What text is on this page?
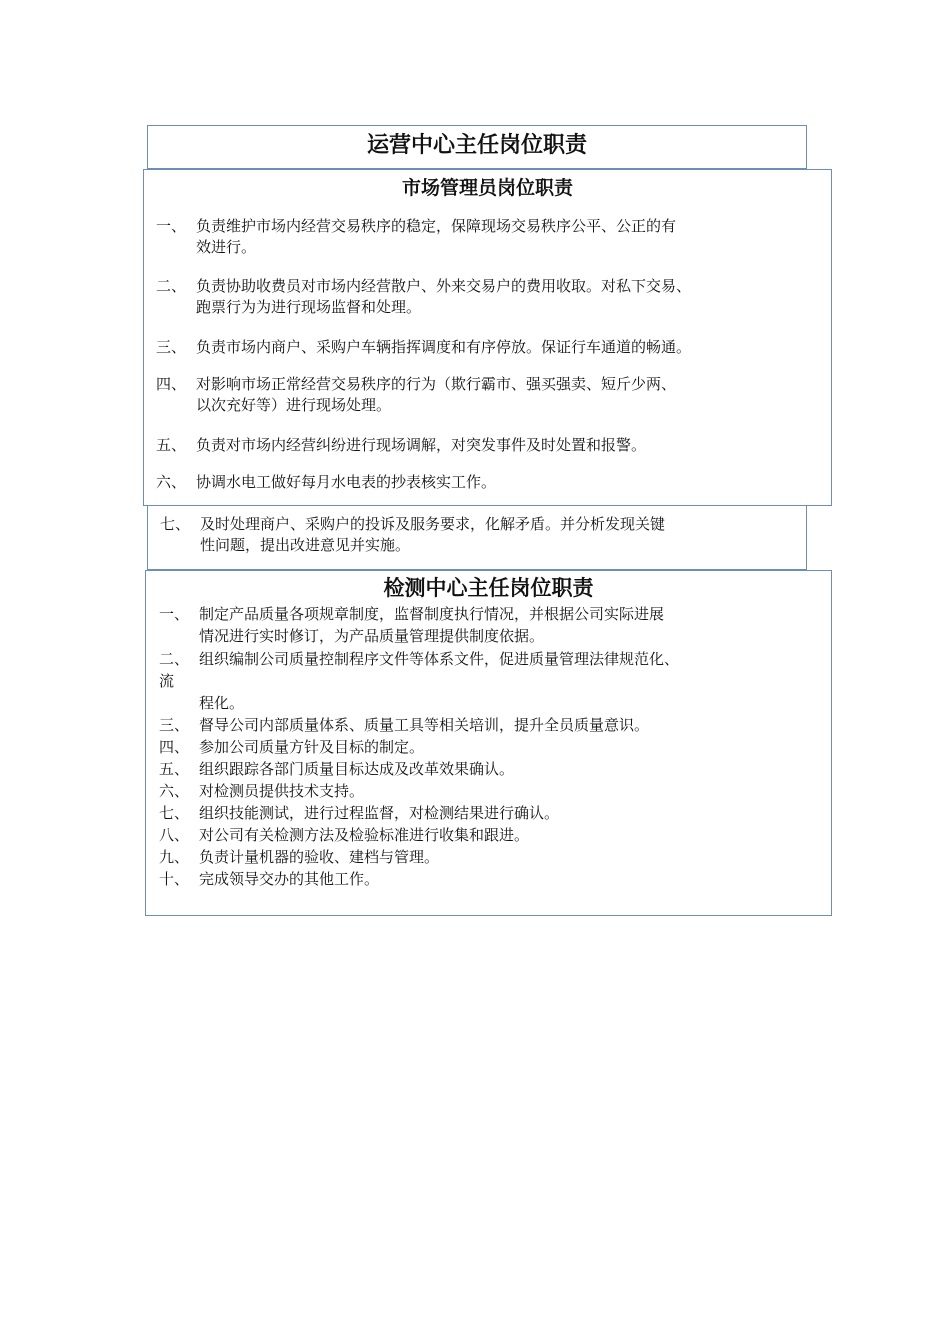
运营中心主任岗位职责
市场管理员岗位职责
一、 负责维护市场内经营交易秩序的稳定，保障现场交易秩序公平、公正的有
效进行。
二、 负责协助收费员对市场内经营散户、外来交易户的费用收取。对私下交易、
跑票行为为进行现场监督和处理。
三、 负责市场内商户、采购户车辆指挥调度和有序停放。保证行车通道的畅通。
四、 对影响市场正常经营交易秩序的行为（欺行霸市、强买强卖、短斤少两、
以次充好等）进行现场处理。
五、 负责对市场内经营纠纷进行现场调解，对突发事件及时处置和报警。
六、 协调水电工做好每月水电表的抄表核实工作。
七、 及时处理商户、采购户的投诉及服务要求，化解矛盾。并分析发现关键
性问题，提出改进意见并实施。
检测中心主任岗位职责
一、 制定产品质量各项规章制度，监督制度执行情况，并根据公司实际进展
情况进行实时修订，为产品质量管理提供制度依据。
二、 组织编制公司质量控制程序文件等体系文件，促进质量管理法律规范化、
流
程化。
三、 督导公司内部质量体系、质量工具等相关培训，提升全员质量意识。
四、 参加公司质量方针及目标的制定。
五、 组织跟踪各部门质量目标达成及改革效果确认。
六、 对检测员提供技术支持。
七、 组织技能测试，进行过程监督，对检测结果进行确认。
八、 对公司有关检测方法及检验标准进行收集和跟进。
九、 负责计量机器的验收、建档与管理。
十、 完成领导交办的其他工作。
